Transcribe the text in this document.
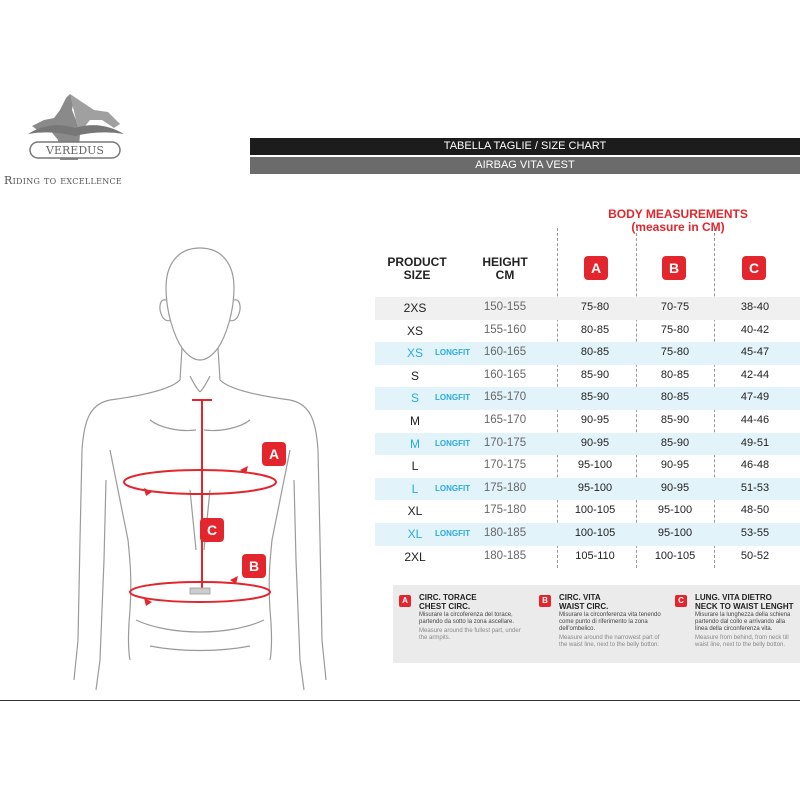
VEREDUS
Riding to excellence
TABELLA TAGLIE / SIZE CHART
AIRBAG VITA VEST
A
C
B
BODY MEASUREMENTS
(measure in CM)
PRODUCT
SIZE
HEIGHT
CM	A	B	C
2XS	150-155	75-80	70-75	38-40
XS	155-160	80-85	75-80	40-42
XS	LONGFIT	160-165	80-85	75-80	45-47
S	160-165	85-90	80-85	42-44
S	LONGFIT	165-170	85-90	80-85	47-49
M	165-170	90-95	85-90	44-46
M	LONGFIT	170-175	90-95	85-90	49-51
L	170-175	95-100	90-95	46-48
L	LONGFIT	175-180	95-100	90-95	51-53
XL	175-180	100-105	95-100	48-50
XL	LONGFIT	180-185	100-105	95-100	53-55
2XL	180-185	105-110	100-105	50-52
A	CIRC. TORACE
CHEST CIRC.
Misurare la circoferenza del torace, partendo da sotto la zona ascellare.
Measure around the fullest part, under the armpits.
B	CIRC. VITA
WAIST CIRC.
Misurare la circonferenza vita tenendo come punto di riferimento la zona dell'ombelico.
Measure around the narrowest part of the waist line, next to the belly botton.
C	LUNG. VITA DIETRO
NECK TO WAIST LENGHT
Misurare la lunghezza della schiena partendo dal collo e arrivando alla linea della circonferenza vita.
Measure from behind, from neck till waist line, next to the belly botton.
